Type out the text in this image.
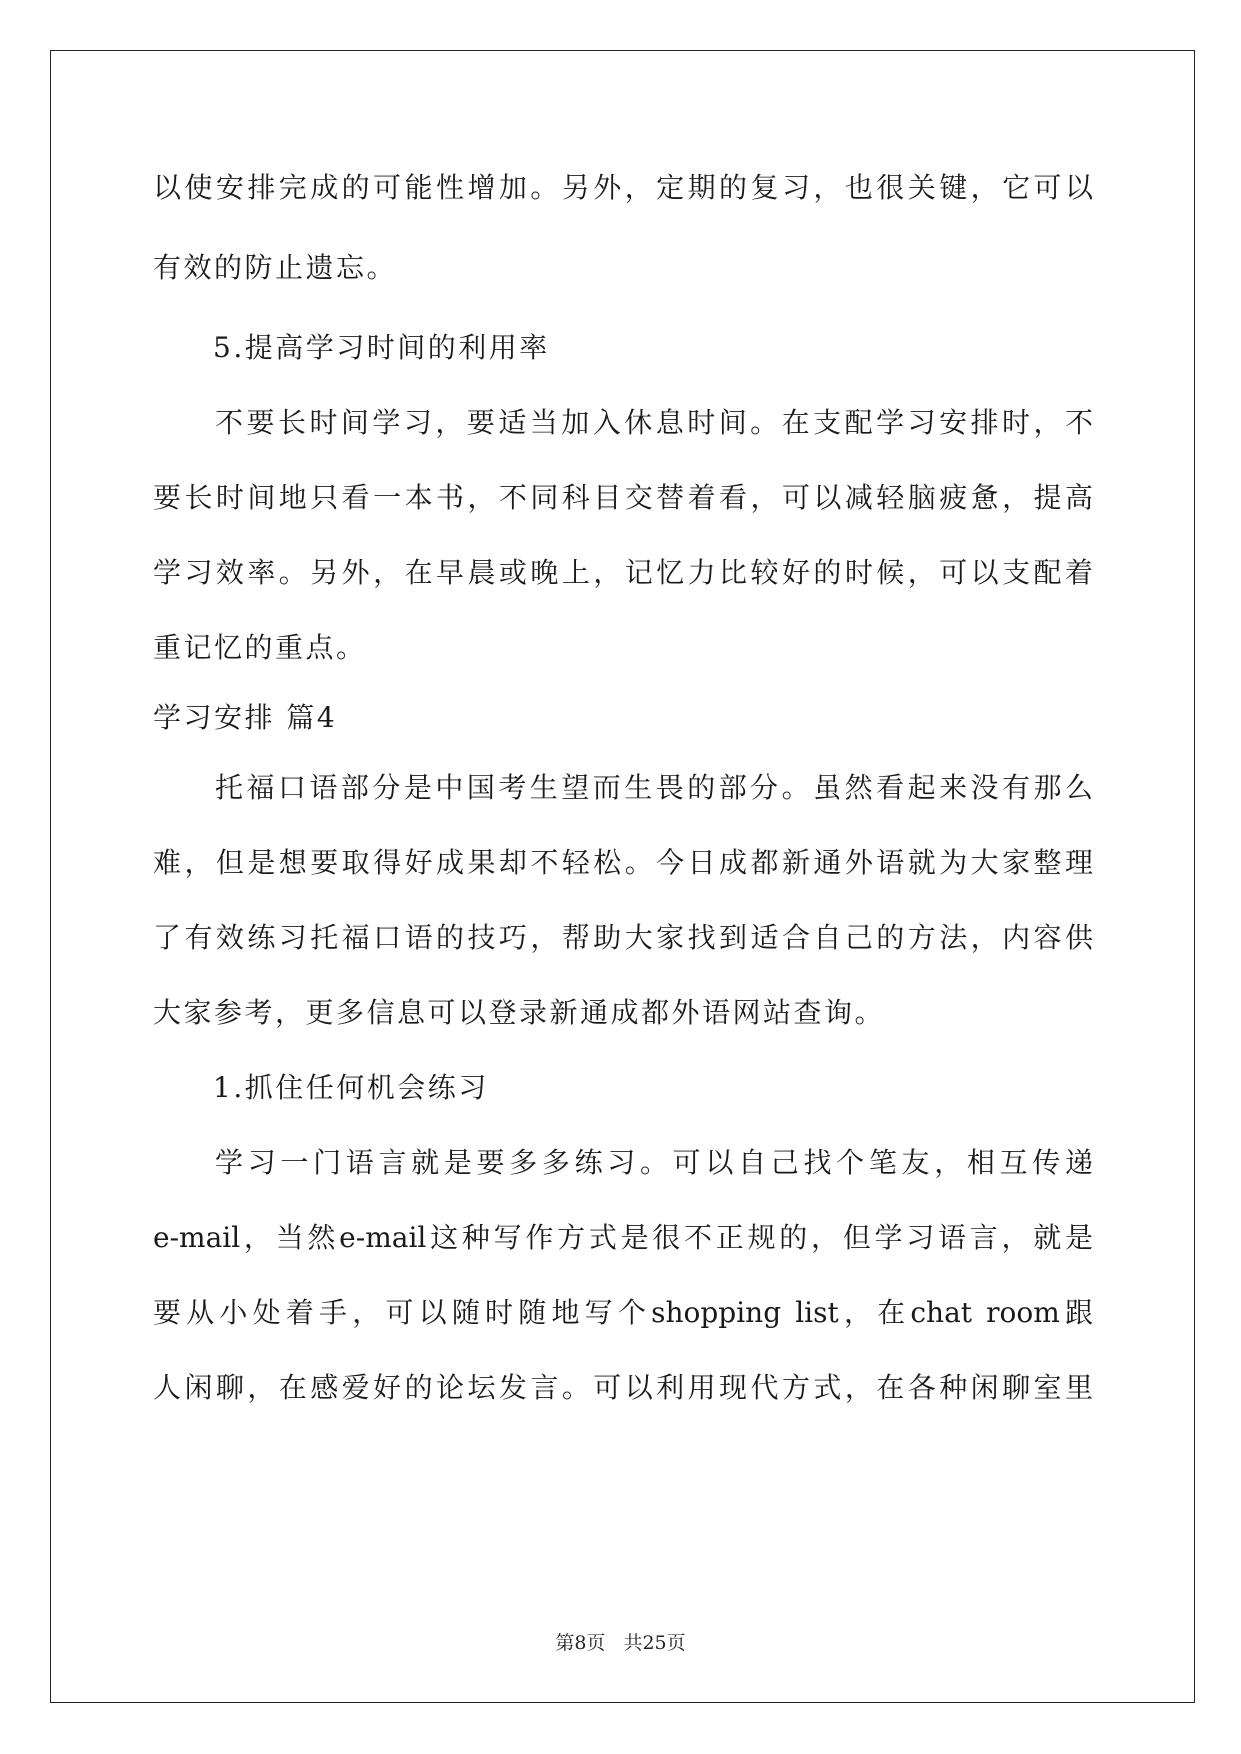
以使安排完成的可能性增加。另外，定期的复习，也很关键，它可以
有效的防止遗忘。
5.提高学习时间的利用率
不要长时间学习，要适当加入休息时间。在支配学习安排时，不
要长时间地只看一本书，不同科目交替着看，可以减轻脑疲惫，提高
学习效率。另外，在早晨或晚上，记忆力比较好的时候，可以支配着
重记忆的重点。
学习安排 篇4
托福口语部分是中国考生望而生畏的部分。虽然看起来没有那么
难，但是想要取得好成果却不轻松。今日成都新通外语就为大家整理
了有效练习托福口语的技巧，帮助大家找到适合自己的方法，内容供
大家参考，更多信息可以登录新通成都外语网站查询。
1.抓住任何机会练习
学习一门语言就是要多多练习。可以自己找个笔友，相互传递
e-mail，当然e-mail这种写作方式是很不正规的，但学习语言，就是
要从小处着手，可以随时随地写个shopping list，在chat room跟
人闲聊，在感爱好的论坛发言。可以利用现代方式，在各种闲聊室里
第8页 共25页
